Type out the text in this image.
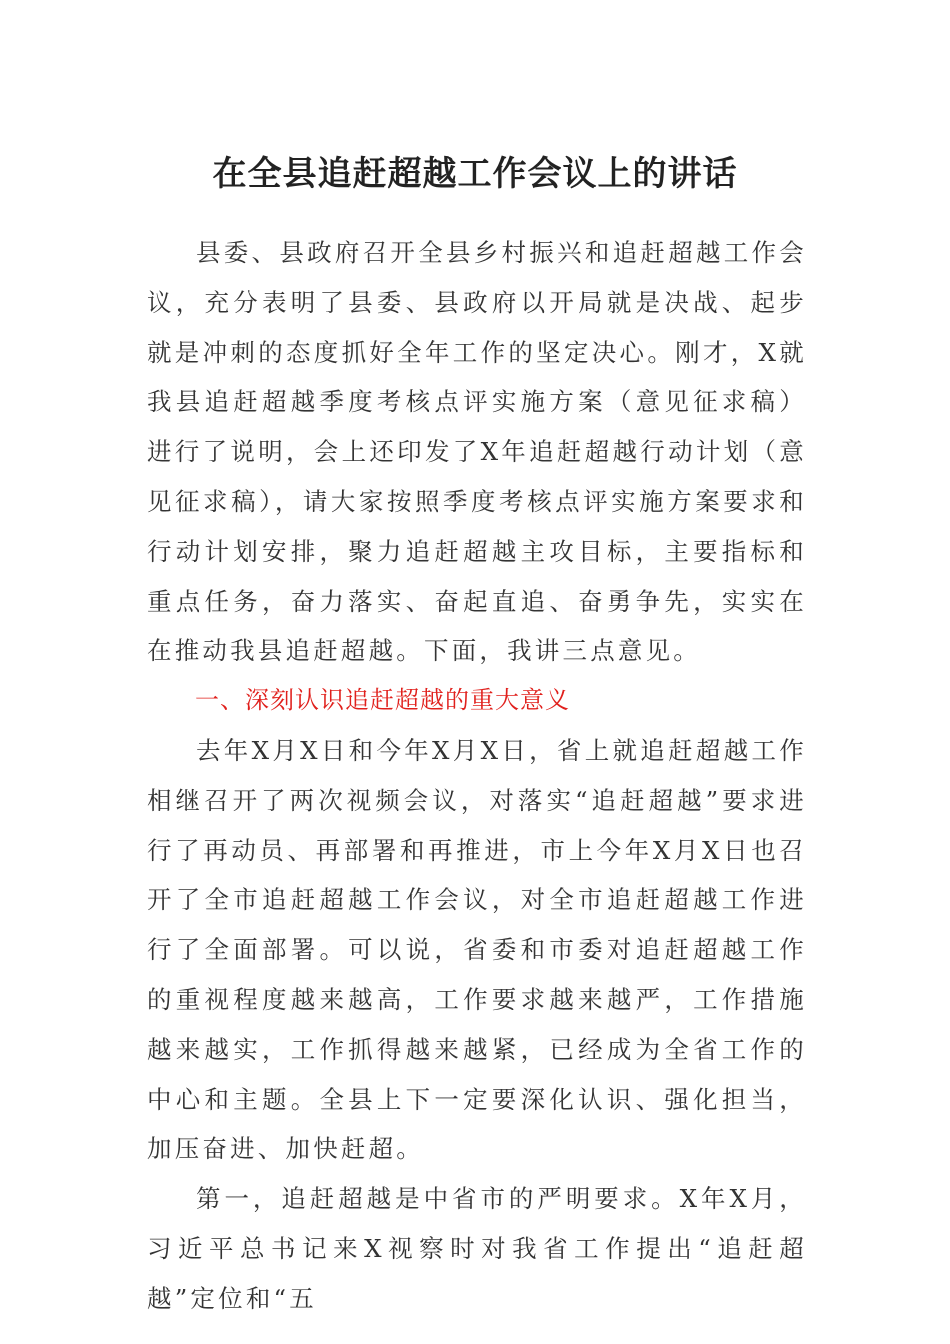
在全县追赶超越工作会议上的讲话

县委、县政府召开全县乡村振兴和追赶超越工作会议，充分表明了县委、县政府以开局就是决战、起步就是冲刺的态度抓好全年工作的坚定决心。刚才，X就我县追赶超越季度考核点评实施方案（意见征求稿）进行了说明，会上还印发了X年追赶超越行动计划（意见征求稿），请大家按照季度考核点评实施方案要求和行动计划安排，聚力追赶超越主攻目标，主要指标和重点任务，奋力落实、奋起直追、奋勇争先，实实在在推动我县追赶超越。下面，我讲三点意见。

一、深刻认识追赶超越的重大意义

去年X月X日和今年X月X日，省上就追赶超越工作相继召开了两次视频会议，对落实“追赶超越”要求进行了再动员、再部署和再推进，市上今年X月X日也召开了全市追赶超越工作会议，对全市追赶超越工作进行了全面部署。可以说，省委和市委对追赶超越工作的重视程度越来越高，工作要求越来越严，工作措施越来越实，工作抓得越来越紧，已经成为全省工作的中心和主题。全县上下一定要深化认识、强化担当，加压奋进、加快赶超。

第一，追赶超越是中省市的严明要求。X年X月，习近平总书记来X视察时对我省工作提出“追赶超越”定位和“五
